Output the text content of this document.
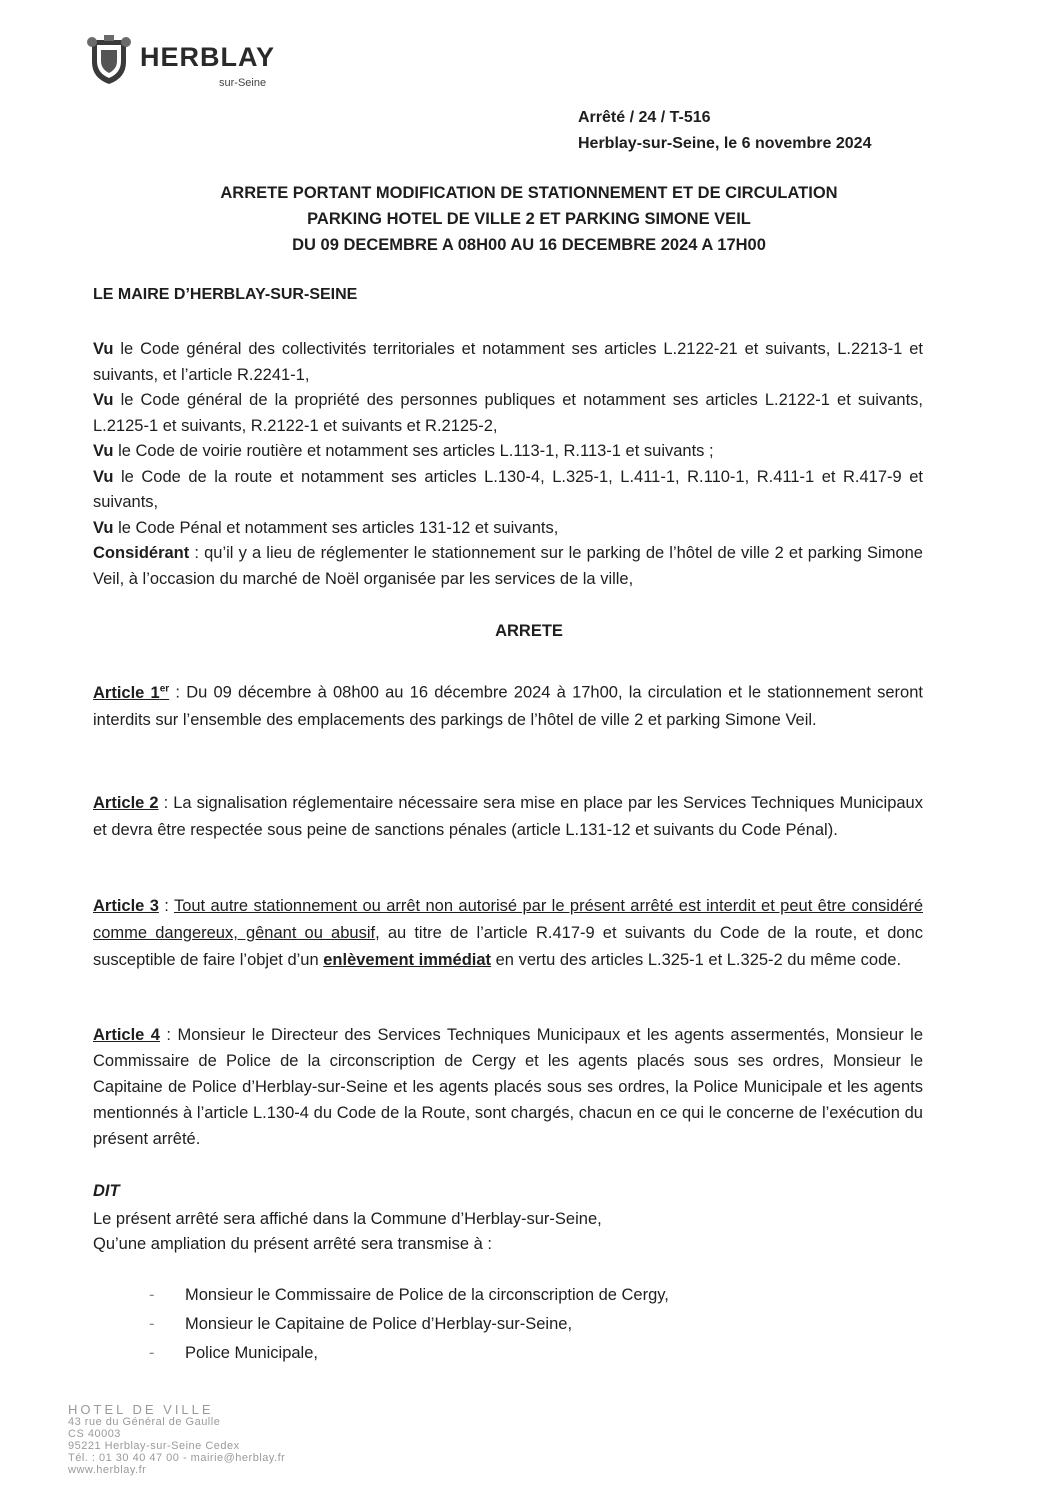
HERBLAY
sur-Seine
Arrêté / 24 / T-516
Herblay-sur-Seine, le 6 novembre 2024
ARRETE PORTANT MODIFICATION DE STATIONNEMENT ET DE CIRCULATION
PARKING HOTEL DE VILLE 2 ET PARKING SIMONE VEIL
DU 09 DECEMBRE A 08H00 AU 16 DECEMBRE 2024 A 17H00
LE MAIRE D’HERBLAY-SUR-SEINE

Vu le Code général des collectivités territoriales et notamment ses articles L.2122-21 et suivants, L.2213-1 et suivants, et l’article R.2241-1,

Vu le Code général de la propriété des personnes publiques et notamment ses articles L.2122-1 et suivants, L.2125-1 et suivants, R.2122-1 et suivants et R.2125-2,

Vu le Code de voirie routière et notamment ses articles L.113-1, R.113-1 et suivants ;

Vu le Code de la route et notamment ses articles L.130-4, L.325-1, L.411-1, R.110-1, R.411-1 et R.417-9 et suivants,

Vu le Code Pénal et notamment ses articles 131-12 et suivants,

Considérant : qu’il y a lieu de réglementer le stationnement sur le parking de l’hôtel de ville 2 et parking Simone Veil, à l’occasion du marché de Noël organisée par les services de la ville,

ARRETE

Article 1er : Du 09 décembre à 08h00 au 16 décembre 2024 à 17h00, la circulation et le stationnement seront interdits sur l’ensemble des emplacements des parkings de l’hôtel de ville 2 et parking Simone Veil.

Article 2 : La signalisation réglementaire nécessaire sera mise en place par les Services Techniques Municipaux et devra être respectée sous peine de sanctions pénales (article L.131-12 et suivants du Code Pénal).

Article 3 : Tout autre stationnement ou arrêt non autorisé par le présent arrêté est interdit et peut être considéré comme dangereux, gênant ou abusif, au titre de l’article R.417-9 et suivants du Code de la route, et donc susceptible de faire l’objet d’un enlèvement immédiat en vertu des articles L.325-1 et L.325-2 du même code.

Article 4 : Monsieur le Directeur des Services Techniques Municipaux et les agents assermentés, Monsieur le Commissaire de Police de la circonscription de Cergy et les agents placés sous ses ordres, Monsieur le Capitaine de Police d’Herblay-sur-Seine et les agents placés sous ses ordres, la Police Municipale et les agents mentionnés à l’article L.130-4 du Code de la Route, sont chargés, chacun en ce qui le concerne de l’exécution du présent arrêté.

DIT
Le présent arrêté sera affiché dans la Commune d’Herblay-sur-Seine,
Qu’une ampliation du présent arrêté sera transmise à :
- Monsieur le Commissaire de Police de la circonscription de Cergy,
- Monsieur le Capitaine de Police d’Herblay-sur-Seine,
- Police Municipale,
HOTEL DE VILLE
43 rue du Général de Gaulle
CS 40003
95221 Herblay-sur-Seine Cedex
Tél. : 01 30 40 47 00 - mairie@herblay.fr
www.herblay.fr
